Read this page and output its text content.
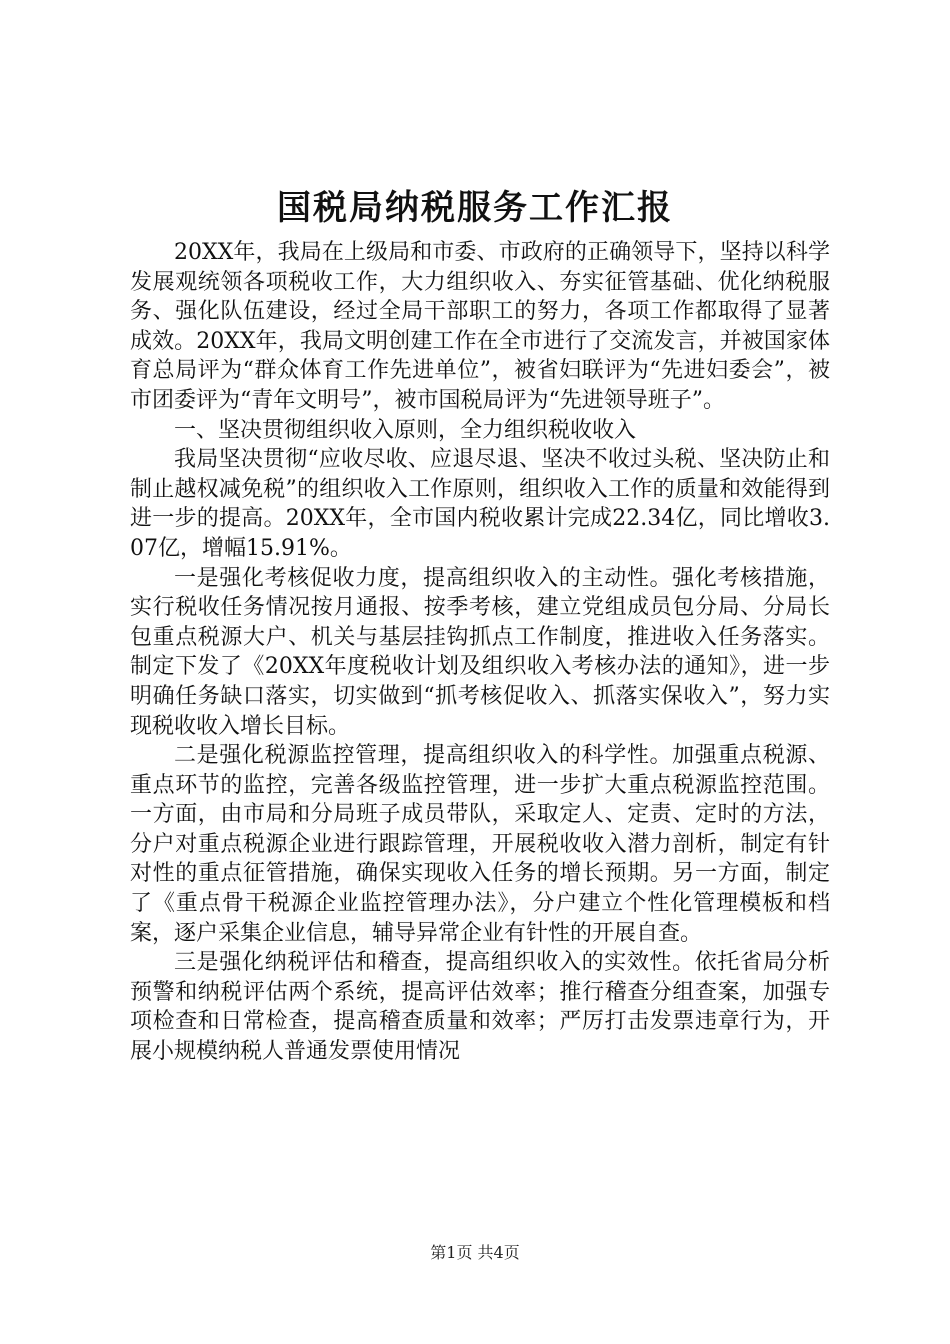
国税局纳税服务工作汇报

20XX年，我局在上级局和市委、市政府的正确领导下，坚持以科学发展观统领各项税收工作，大力组织收入、夯实征管基础、优化纳税服务、强化队伍建设，经过全局干部职工的努力，各项工作都取得了显著成效。20XX年，我局文明创建工作在全市进行了交流发言，并被国家体育总局评为“群众体育工作先进单位”，被省妇联评为“先进妇委会”，被市团委评为“青年文明号”，被市国税局评为“先进领导班子”。

一、坚决贯彻组织收入原则，全力组织税收收入

我局坚决贯彻“应收尽收、应退尽退、坚决不收过头税、坚决防止和制止越权减免税”的组织收入工作原则，组织收入工作的质量和效能得到进一步的提高。20XX年，全市国内税收累计完成22.34亿，同比增收3.07亿，增幅15.91%。

一是强化考核促收力度，提高组织收入的主动性。强化考核措施，实行税收任务情况按月通报、按季考核，建立党组成员包分局、分局长包重点税源大户、机关与基层挂钩抓点工作制度，推进收入任务落实。制定下发了《20XX年度税收计划及组织收入考核办法的通知》，进一步明确任务缺口落实，切实做到“抓考核促收入、抓落实保收入”，努力实现税收收入增长目标。

二是强化税源监控管理，提高组织收入的科学性。加强重点税源、重点环节的监控，完善各级监控管理，进一步扩大重点税源监控范围。一方面，由市局和分局班子成员带队，采取定人、定责、定时的方法，分户对重点税源企业进行跟踪管理，开展税收收入潜力剖析，制定有针对性的重点征管措施，确保实现收入任务的增长预期。另一方面，制定了《重点骨干税源企业监控管理办法》，分户建立个性化管理模板和档案，逐户采集企业信息，辅导异常企业有针性的开展自查。

三是强化纳税评估和稽查，提高组织收入的实效性。依托省局分析预警和纳税评估两个系统，提高评估效率；推行稽查分组查案，加强专项检查和日常检查，提高稽查质量和效率；严厉打击发票违章行为，开展小规模纳税人普通发票使用情况

第1页 共4页
